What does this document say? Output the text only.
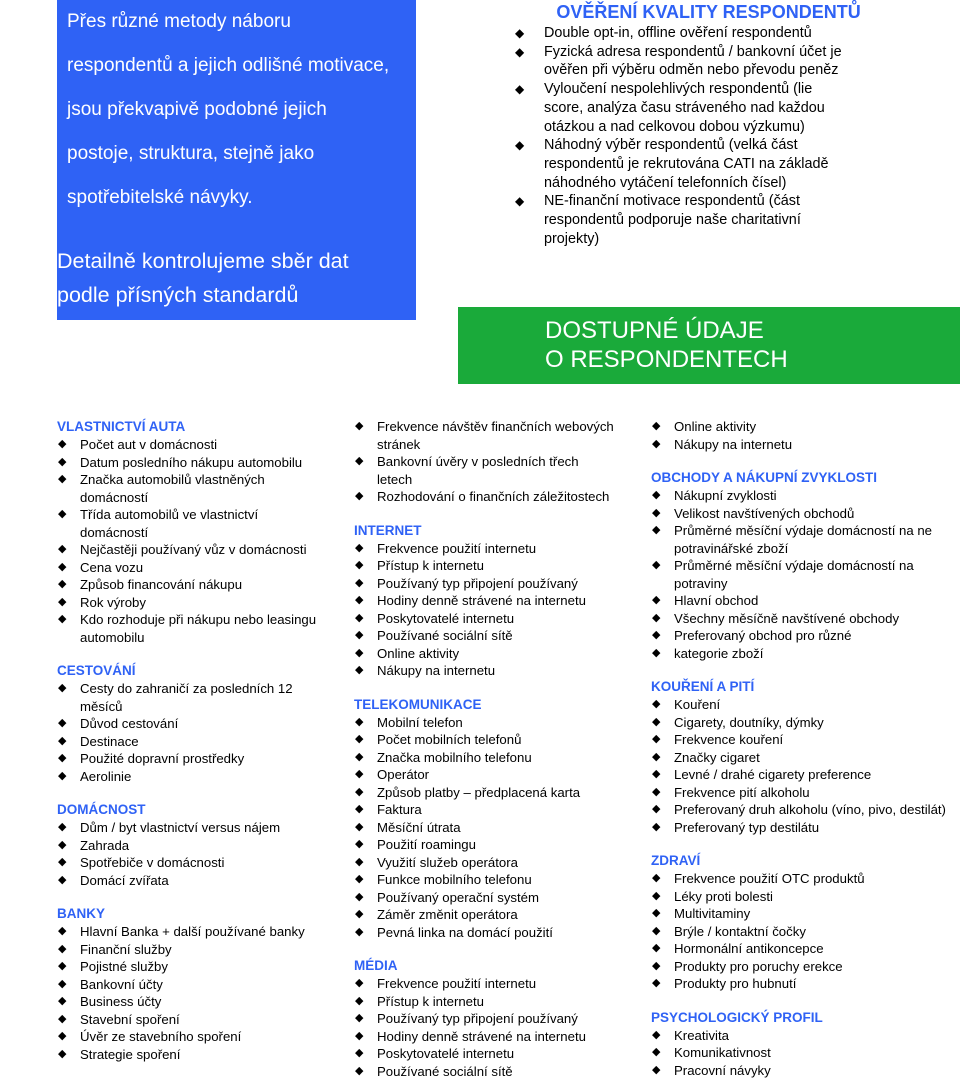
Přes různé metody náboru
respondentů a jejich odlišné motivace,
jsou překvapivě podobné jejich
postoje, struktura, stejně jako
spotřebitelské návyky.
Detailně kontrolujeme sběr dat
podle přísných standardů
OVĚŘENÍ KVALITY RESPONDENTŮ
◆ Double opt-in, offline ověření respondentů
◆ Fyzická adresa respondentů / bankovní účet je ověřen při výběru odměn nebo převodu peněz
◆ Vyloučení nespolehlivých respondentů (lie score, analýza času stráveného nad každou otázkou a nad celkovou dobou výzkumu)
◆ Náhodný výběr respondentů (velká část respondentů je rekrutována CATI na základě náhodného vytáčení telefonních čísel)
◆ NE-finanční motivace respondentů (část respondentů podporuje naše charitativní projekty)
DOSTUPNÉ ÚDAJE
O RESPONDENTECH
VLASTNICTVÍ AUTA
◆ Počet aut v domácnosti
◆ Datum posledního nákupu automobilu
◆ Značka automobilů vlastněných domácností
◆ Třída automobilů ve vlastnictví domácností
◆ Nejčastěji používaný vůz v domácnosti
◆ Cena vozu
◆ Způsob financování nákupu
◆ Rok výroby
◆ Kdo rozhoduje při nákupu nebo leasingu automobilu
CESTOVÁNÍ
◆ Cesty do zahraničí za posledních 12 měsíců
◆ Důvod cestování
◆ Destinace
◆ Použité dopravní prostředky
◆ Aerolinie
DOMÁCNOST
◆ Dům / byt vlastnictví versus nájem
◆ Zahrada
◆ Spotřebiče v domácnosti
◆ Domácí zvířata
BANKY
◆ Hlavní Banka + další používané banky
◆ Finanční služby
◆ Pojistné služby
◆ Bankovní účty
◆ Business účty
◆ Stavební spoření
◆ Úvěr ze stavebního spoření
◆ Strategie spoření
◆ Frekvence návštěv finančních webových stránek
◆ Bankovní úvěry v posledních třech letech
◆ Rozhodování o finančních záležitostech
INTERNET
◆ Frekvence použití internetu
◆ Přístup k internetu
◆ Používaný typ připojení používaný
◆ Hodiny denně strávené na internetu
◆ Poskytovatelé internetu
◆ Používané sociální sítě
◆ Online aktivity
◆ Nákupy na internetu
TELEKOMUNIKACE
◆ Mobilní telefon
◆ Počet mobilních telefonů
◆ Značka mobilního telefonu
◆ Operátor
◆ Způsob platby – předplacená karta
◆ Faktura
◆ Měsíční útrata
◆ Použití roamingu
◆ Využití služeb operátora
◆ Funkce mobilního telefonu
◆ Používaný operační systém
◆ Záměr změnit operátora
◆ Pevná linka na domácí použití
MÉDIA
◆ Frekvence použití internetu
◆ Přístup k internetu
◆ Používaný typ připojení používaný
◆ Hodiny denně strávené na internetu
◆ Poskytovatelé internetu
◆ Používané sociální sítě
◆ Online aktivity
◆ Nákupy na internetu
OBCHODY A NÁKUPNÍ ZVYKLOSTI
◆ Nákupní zvyklosti
◆ Velikost navštívených obchodů
◆ Průměrné měsíční výdaje domácností na ne potravinářské zboží
◆ Průměrné měsíční výdaje domácností na potraviny
◆ Hlavní obchod
◆ Všechny měsíčně navštívené obchody
◆ Preferovaný obchod pro různé
◆ kategorie zboží
KOUŘENÍ A PITÍ
◆ Kouření
◆ Cigarety, doutníky, dýmky
◆ Frekvence kouření
◆ Značky cigaret
◆ Levné / drahé cigarety preference
◆ Frekvence pití alkoholu
◆ Preferovaný druh alkoholu (víno, pivo, destilát)
◆ Preferovaný typ destilátu
ZDRAVÍ
◆ Frekvence použití OTC produktů
◆ Léky proti bolesti
◆ Multivitaminy
◆ Brýle / kontaktní čočky
◆ Hormonální antikoncepce
◆ Produkty pro poruchy erekce
◆ Produkty pro hubnutí
PSYCHOLOGICKÝ PROFIL
◆ Kreativita
◆ Komunikativnost
◆ Pracovní návyky
